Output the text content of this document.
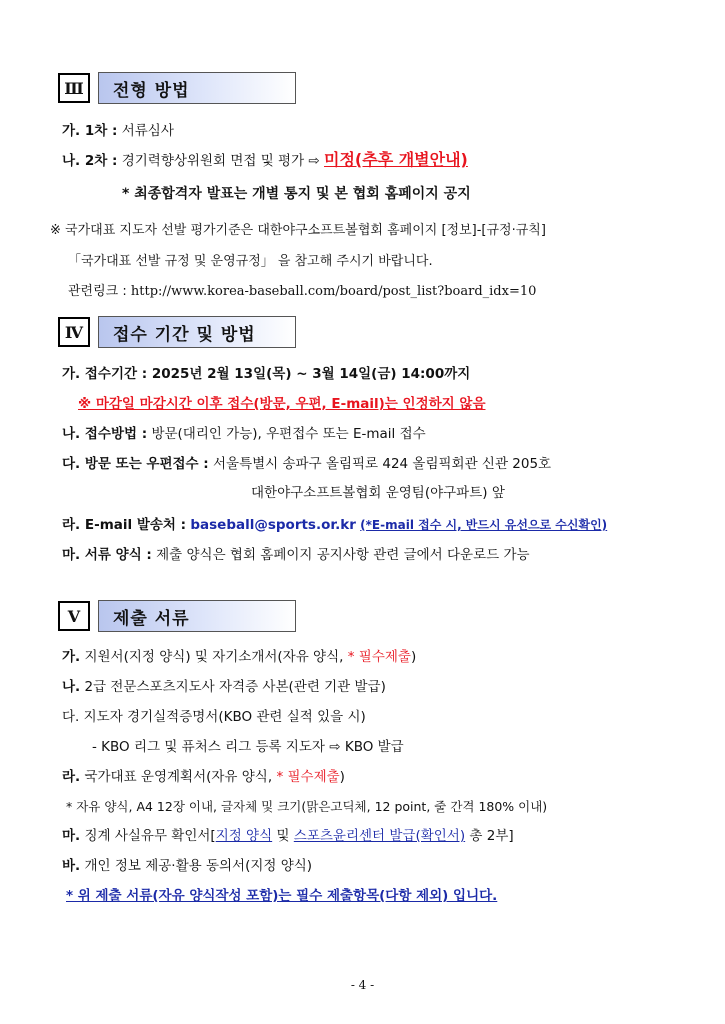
Ⅲ	전형 방법
가. 1차 : 서류심사
나. 2차 : 경기력향상위원회 면접 및 평가 ⇨ 미정(추후 개별안내)
* 최종합격자 발표는 개별 통지 및 본 협회 홈페이지 공지
※ 국가대표 지도자 선발 평가기준은 대한야구소프트볼협회 홈페이지 [정보]-[규정·규칙]
「국가대표 선발 규정 및 운영규정」 을 참고해 주시기 바랍니다.
관련링크 : http://www.korea-baseball.com/board/post_list?board_idx=10
Ⅳ	접수 기간 및 방법
가. 접수기간 : 2025년 2월 13일(목) ~ 3월 14일(금) 14:00까지
※ 마감일 마감시간 이후 접수(방문, 우편, E-mail)는 인정하지 않음
나. 접수방법 : 방문(대리인 가능), 우편접수 또는 E-mail 접수
다. 방문 또는 우편접수 : 서울특별시 송파구 올림픽로 424 올림픽회관 신관 205호
대한야구소프트볼협회 운영팀(야구파트) 앞
라. E-mail 발송처 : baseball@sports.or.kr (*E-mail 접수 시, 반드시 유선으로 수신확인)
마. 서류 양식 : 제출 양식은 협회 홈페이지 공지사항 관련 글에서 다운로드 가능
Ⅴ	제출 서류
가. 지원서(지정 양식) 및 자기소개서(자유 양식, * 필수제출)
나. 2급 전문스포츠지도사 자격증 사본(관련 기관 발급)
다. 지도자 경기실적증명서(KBO 관련 실적 있을 시)
- KBO 리그 및 퓨처스 리그 등록 지도자 ⇨ KBO 발급
라. 국가대표 운영계획서(자유 양식, * 필수제출)
* 자유 양식, A4 12장 이내, 글자체 및 크기(맑은고딕체, 12 point, 줄 간격 180% 이내)
마. 징계 사실유무 확인서[지정 양식 및 스포츠윤리센터 발급(확인서) 총 2부]
바. 개인 정보 제공·활용 동의서(지정 양식)
* 위 제출 서류(자유 양식작성 포함)는 필수 제출항목(다항 제외) 입니다.
- 4 -
